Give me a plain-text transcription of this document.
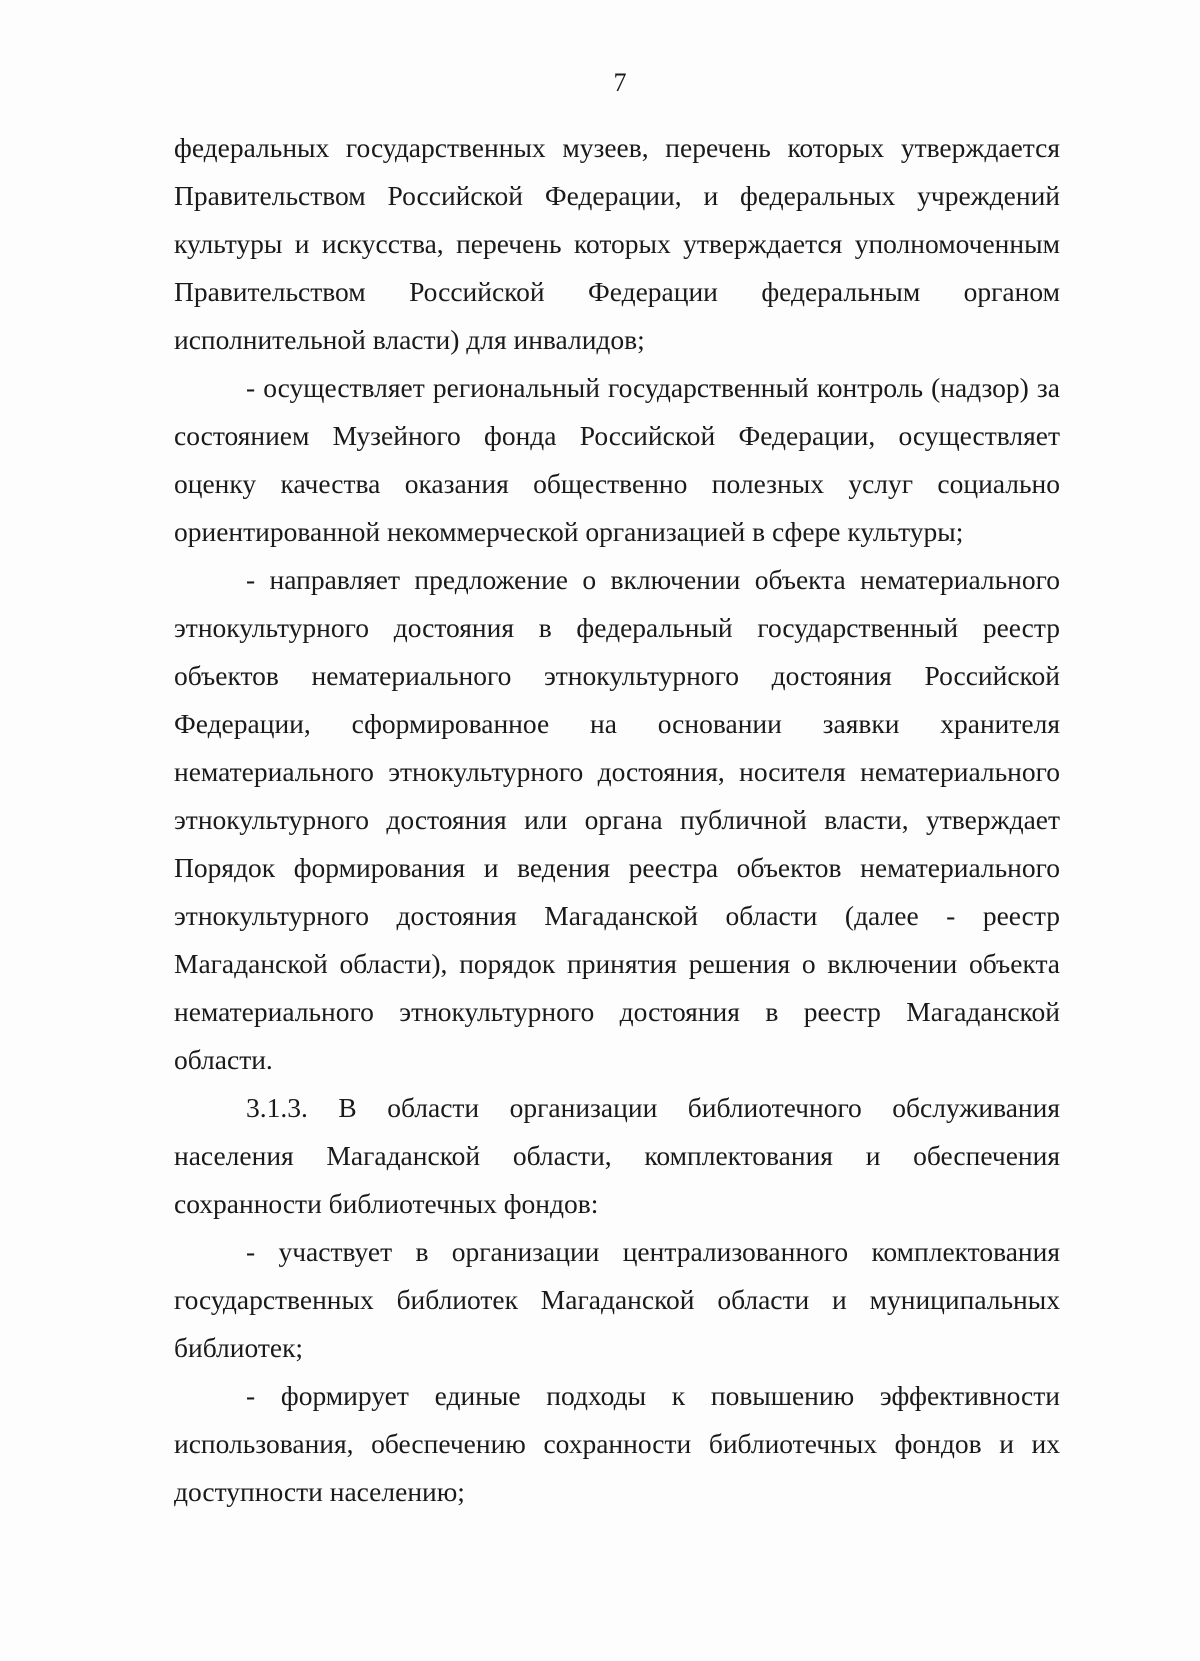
7

федеральных государственных музеев, перечень которых утверждается Правительством Российской Федерации, и федеральных учреждений культуры и искусства, перечень которых утверждается уполномоченным Правительством Российской Федерации федеральным органом исполнительной власти) для инвалидов;

- осуществляет региональный государственный контроль (надзор) за состоянием Музейного фонда Российской Федерации, осуществляет оценку качества оказания общественно полезных услуг социально ориентированной некоммерческой организацией в сфере культуры;

- направляет предложение о включении объекта нематериального этнокультурного достояния в федеральный государственный реестр объектов нематериального этнокультурного достояния Российской Федерации, сформированное на основании заявки хранителя нематериального этнокультурного достояния, носителя нематериального этнокультурного достояния или органа публичной власти, утверждает Порядок формирования и ведения реестра объектов нематериального этнокультурного достояния Магаданской области (далее - реестр Магаданской области), порядок принятия решения о включении объекта нематериального этнокультурного достояния в реестр Магаданской области.

3.1.3. В области организации библиотечного обслуживания населения Магаданской области, комплектования и обеспечения сохранности библиотечных фондов:

- участвует в организации централизованного комплектования государственных библиотек Магаданской области и муниципальных библиотек;

- формирует единые подходы к повышению эффективности использования, обеспечению сохранности библиотечных фондов и их доступности населению;
